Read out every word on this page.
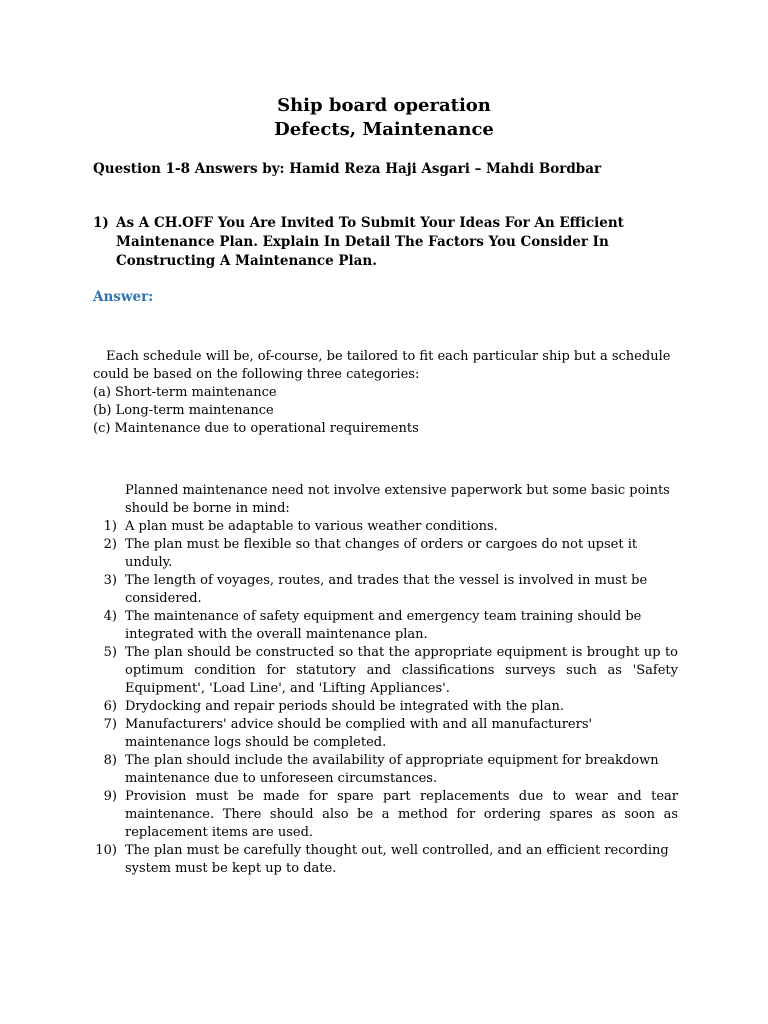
Ship board operation
Defects, Maintenance
Question 1-8 Answers by: Hamid Reza Haji Asgari – Mahdi Bordbar
1) As A CH.OFF You Are Invited To Submit Your Ideas For An Efficient Maintenance Plan. Explain In Detail The Factors You Consider In Constructing A Maintenance Plan.
Answer:

Each schedule will be, of-course, be tailored to fit each particular ship but a schedule could be based on the following three categories:

(a) Short-term maintenance

(b) Long-term maintenance

(c) Maintenance due to operational requirements

Planned maintenance need not involve extensive paperwork but some basic points should be borne in mind:
1) A plan must be adaptable to various weather conditions.
2) The plan must be flexible so that changes of orders or cargoes do not upset it unduly.
3) The length of voyages, routes, and trades that the vessel is involved in must be considered.
4) The maintenance of safety equipment and emergency team training should be integrated with the overall maintenance plan.
5) The plan should be constructed so that the appropriate equipment is brought up to optimum condition for statutory and classifications surveys such as 'Safety Equipment', 'Load Line', and 'Lifting Appliances'.
6) Drydocking and repair periods should be integrated with the plan.
7) Manufacturers' advice should be complied with and all manufacturers' maintenance logs should be completed.
8) The plan should include the availability of appropriate equipment for breakdown maintenance due to unforeseen circumstances.
9) Provision must be made for spare part replacements due to wear and tear maintenance. There should also be a method for ordering spares as soon as replacement items are used.
10) The plan must be carefully thought out, well controlled, and an efficient recording system must be kept up to date.
